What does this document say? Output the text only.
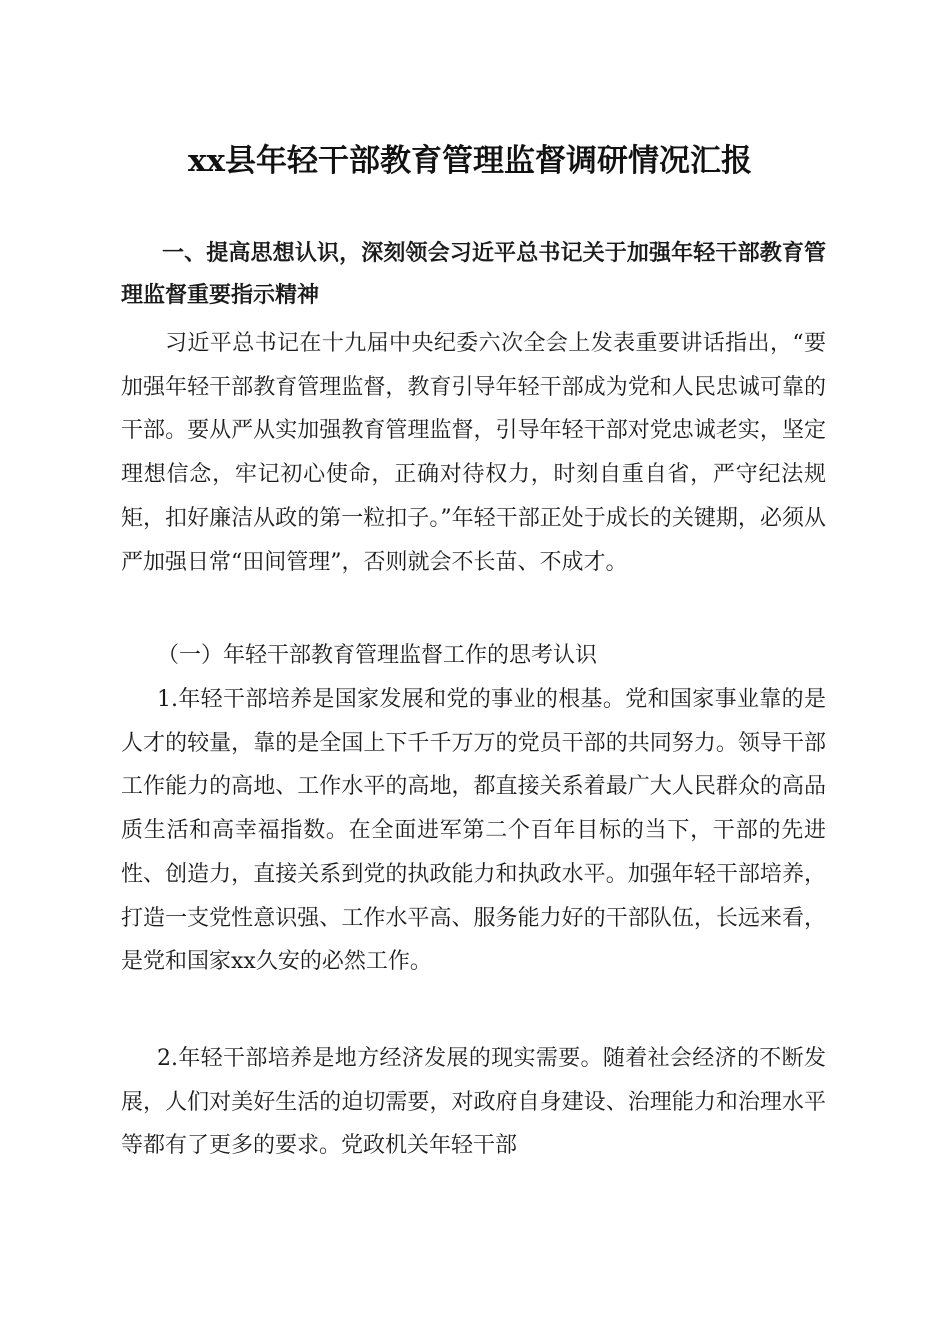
xx县年轻干部教育管理监督调研情况汇报

一、提高思想认识，深刻领会习近平总书记关于加强年轻干部教育管理监督重要指示精神

习近平总书记在十九届中央纪委六次全会上发表重要讲话指出，“要加强年轻干部教育管理监督，教育引导年轻干部成为党和人民忠诚可靠的干部。要从严从实加强教育管理监督，引导年轻干部对党忠诚老实，坚定理想信念，牢记初心使命，正确对待权力，时刻自重自省，严守纪法规矩，扣好廉洁从政的第一粒扣子。”年轻干部正处于成长的关键期，必须从严加强日常“田间管理”，否则就会不长苗、不成才。

（一）年轻干部教育管理监督工作的思考认识

1.年轻干部培养是国家发展和党的事业的根基。党和国家事业靠的是人才的较量，靠的是全国上下千千万万的党员干部的共同努力。领导干部工作能力的高地、工作水平的高地，都直接关系着最广大人民群众的高品质生活和高幸福指数。在全面进军第二个百年目标的当下，干部的先进性、创造力，直接关系到党的执政能力和执政水平。加强年轻干部培养，打造一支党性意识强、工作水平高、服务能力好的干部队伍，长远来看，是党和国家xx久安的必然工作。

2.年轻干部培养是地方经济发展的现实需要。随着社会经济的不断发展，人们对美好生活的迫切需要，对政府自身建设、治理能力和治理水平等都有了更多的要求。党政机关年轻干部
